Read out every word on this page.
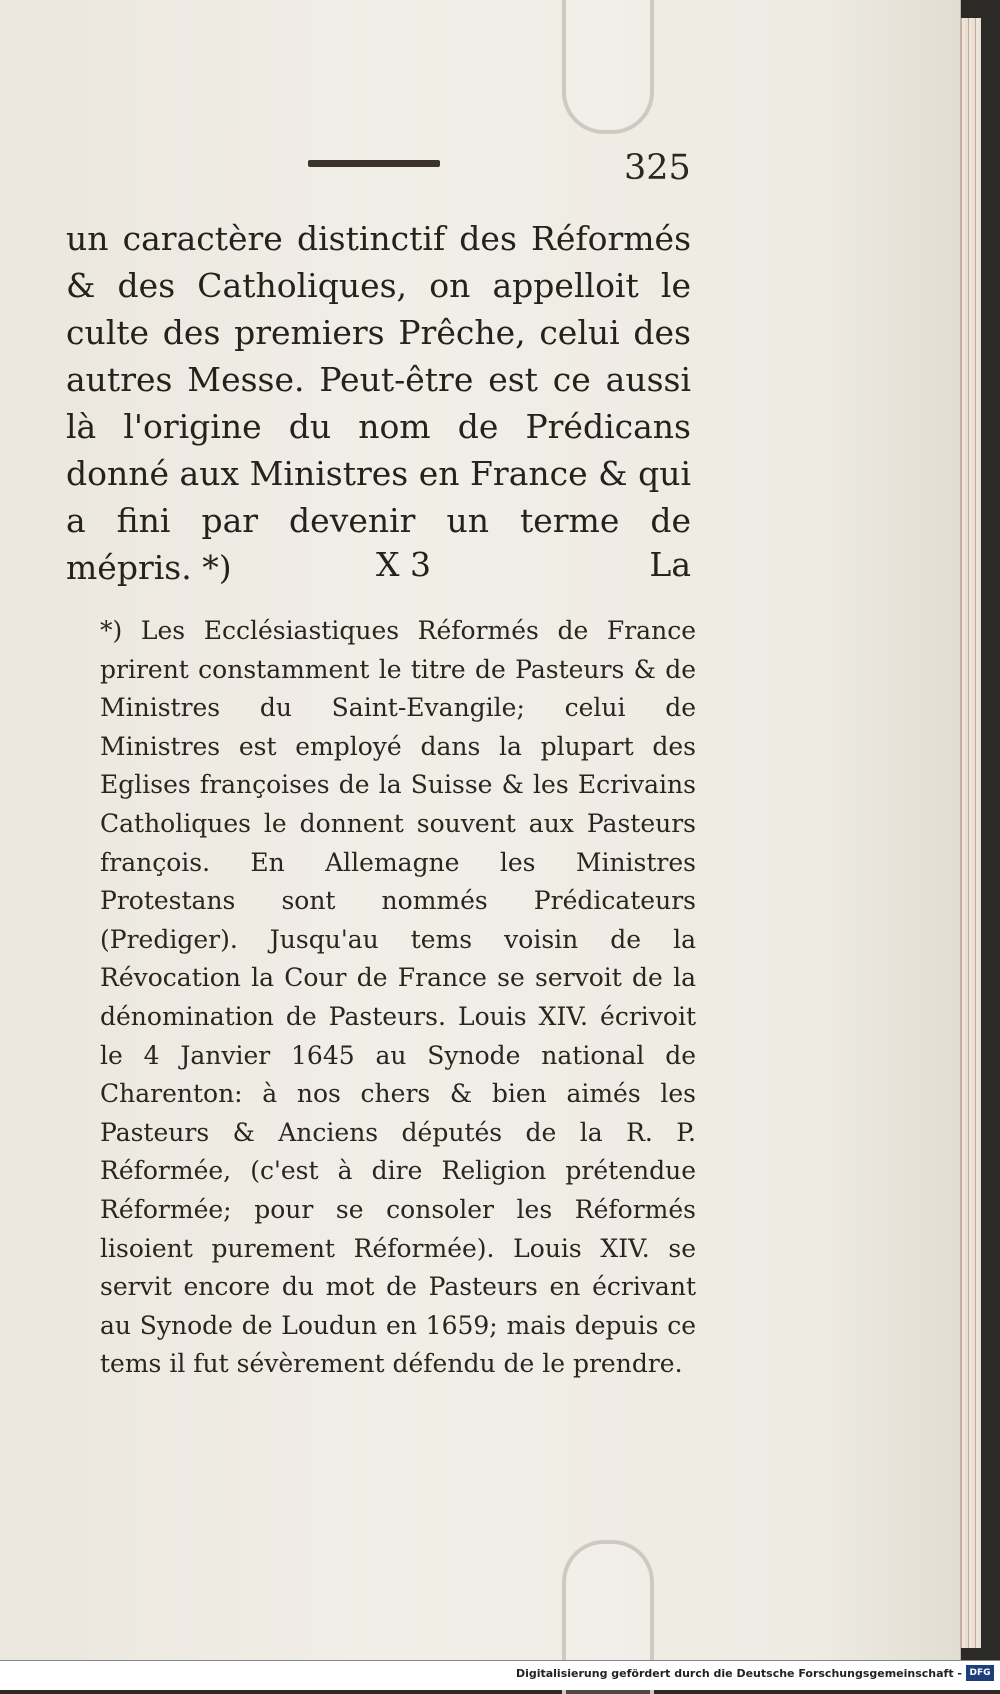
325

un caractère distinctif des Réformés & des Catholiques, on appelloit le culte des premiers Prêche, celui des autres Messe. Peut-être est ce aussi là l'origine du nom de Prédicans donné aux Ministres en France & qui a fini par devenir un terme de mépris. *)	X 3	La

*) Les Ecclésiastiques Réformés de France prirent constamment le titre de Pasteurs & de Ministres du Saint-Evangile; celui de Ministres est employé dans la plupart des Eglises françoises de la Suisse & les Ecrivains Catholiques le donnent souvent aux Pasteurs françois. En Allemagne les Ministres Protestans sont nommés Prédicateurs (Prediger). Jusqu'au tems voisin de la Révocation la Cour de France se servoit de la dénomination de Pasteurs. Louis XIV. écrivoit le 4 Janvier 1645 au Synode national de Charenton: à nos chers & bien aimés les Pasteurs & Anciens députés de la R. P. Réformée, (c'est à dire Religion prétendue Réformée; pour se consoler les Réformés lisoient purement Réformée). Louis XIV. se servit encore du mot de Pasteurs en écrivant au Synode de Loudun en 1659; mais depuis ce tems il fut sévèrement défendu de le prendre.

Digitalisierung gefördert durch die Deutsche Forschungsgemeinschaft - DFG
